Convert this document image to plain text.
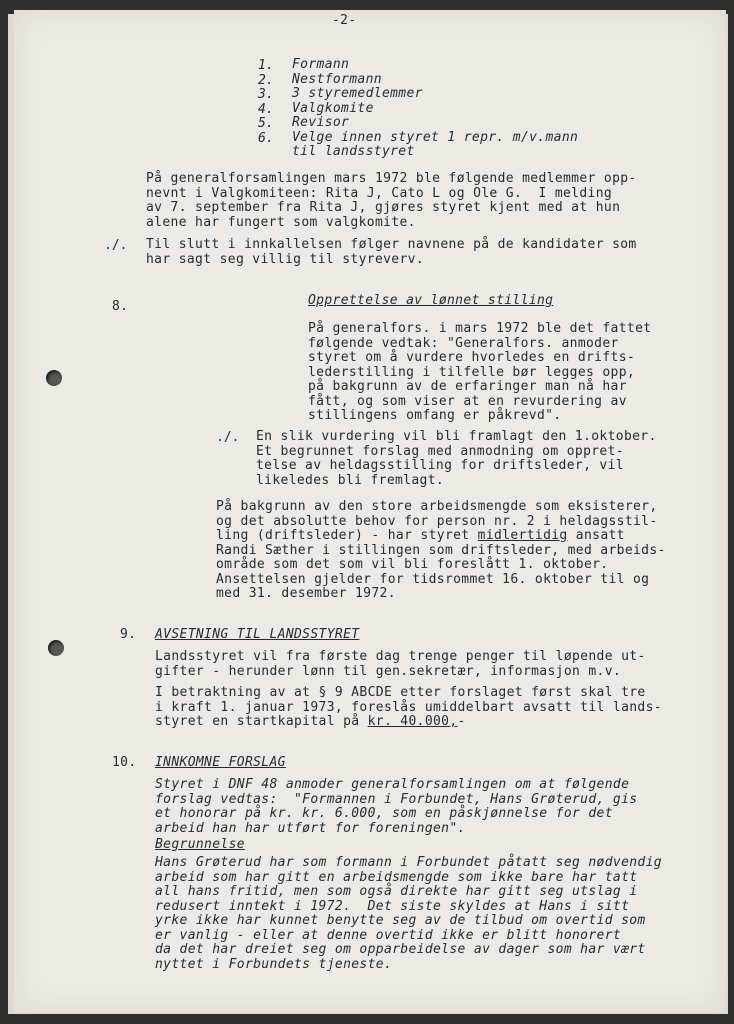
-2-
1. Formann
2. Nestformann
3. 3 styremedlemmer
4. Valgkomite
5. Revisor
6. Velge innen styret 1 repr. m/v.mann
til landsstyret
På generalforsamlingen mars 1972 ble følgende medlemmer opp-
nevnt i Valgkomiteen: Rita J, Cato L og Ole G.  I melding
av 7. september fra Rita J, gjøres styret kjent med at hun
alene har fungert som valgkomite.
./. Til slutt i innkallelsen følger navnene på de kandidater som
har sagt seg villig til styreverv.
8.	Opprettelse av lønnet stilling
På generalfors. i mars 1972 ble det fattet
følgende vedtak: "Generalfors. anmoder
styret om å vurdere hvorledes en drifts-
lederstilling i tilfelle bør legges opp,
på bakgrunn av de erfaringer man nå har
fått, og som viser at en revurdering av
stillingens omfang er påkrevd".
./. En slik vurdering vil bli framlagt den 1.oktober.
Et begrunnet forslag med anmodning om oppret-
telse av heldagsstilling for driftsleder, vil
likeledes bli fremlagt.
På bakgrunn av den store arbeidsmengde som eksisterer,
og det absolutte behov for person nr. 2 i heldagsstil-
ling (driftsleder) - har styret midlertidig ansatt
Randi Sæther i stillingen som driftsleder, med arbeids-
område som det som vil bli foreslått 1. oktober.
Ansettelsen gjelder for tidsrommet 16. oktober til og
med 31. desember 1972.
9. AVSETNING TIL LANDSSTYRET
Landsstyret vil fra første dag trenge penger til løpende ut-
gifter - herunder lønn til gen.sekretær, informasjon m.v.
I betraktning av at § 9 ABCDE etter forslaget først skal tre
i kraft 1. januar 1973, foreslås umiddelbart avsatt til lands-
styret en startkapital på kr. 40.000,-
10. INNKOMNE FORSLAG
Styret i DNF 48 anmoder generalforsamlingen om at følgende
forslag vedtas:  "Formannen i Forbundet, Hans Grøterud, gis
et honorar på kr. kr. 6.000, som en påskjønnelse for det
arbeid han har utført for foreningen".
Begrunnelse
Hans Grøterud har som formann i Forbundet påtatt seg nødvendig
arbeid som har gitt en arbeidsmengde som ikke bare har tatt
all hans fritid, men som også direkte har gitt seg utslag i
redusert inntekt i 1972.  Det siste skyldes at Hans i sitt
yrke ikke har kunnet benytte seg av de tilbud om overtid som
er vanlig - eller at denne overtid ikke er blitt honorert
da det har dreiet seg om opparbeidelse av dager som har vært
nyttet i Forbundets tjeneste.
